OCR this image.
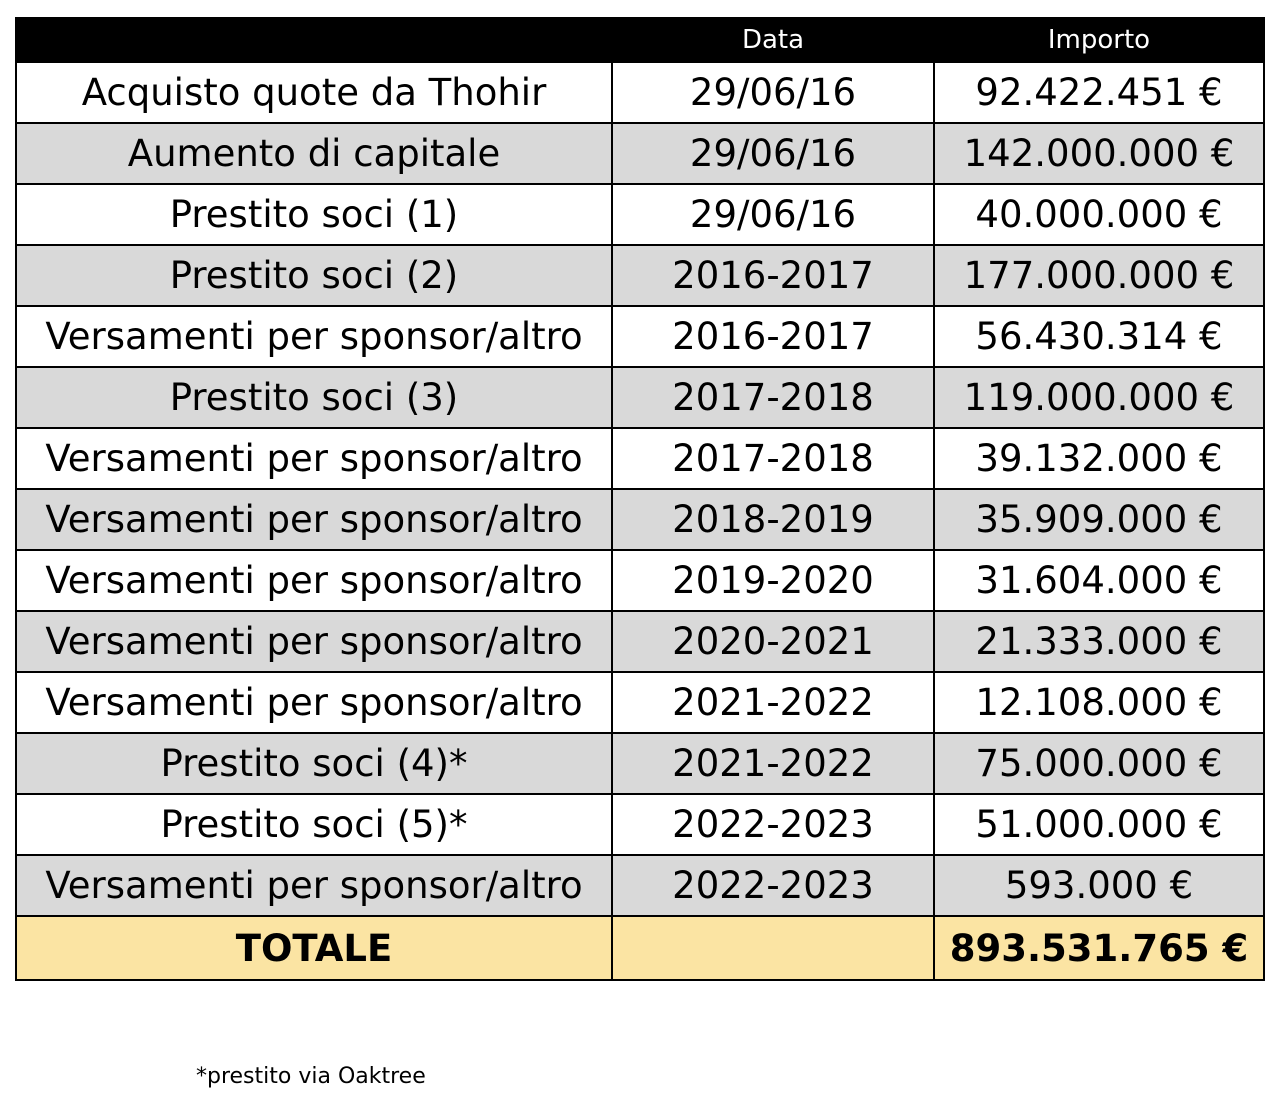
	Data	Importo
Acquisto quote da Thohir	29/06/16	92.422.451 €
Aumento di capitale	29/06/16	142.000.000 €
Prestito soci (1)	29/06/16	40.000.000 €
Prestito soci (2)	2016-2017	177.000.000 €
Versamenti per sponsor/altro	2016-2017	56.430.314 €
Prestito soci (3)	2017-2018	119.000.000 €
Versamenti per sponsor/altro	2017-2018	39.132.000 €
Versamenti per sponsor/altro	2018-2019	35.909.000 €
Versamenti per sponsor/altro	2019-2020	31.604.000 €
Versamenti per sponsor/altro	2020-2021	21.333.000 €
Versamenti per sponsor/altro	2021-2022	12.108.000 €
Prestito soci (4)*	2021-2022	75.000.000 €
Prestito soci (5)*	2022-2023	51.000.000 €
Versamenti per sponsor/altro	2022-2023	593.000 €
TOTALE		893.531.765 €
*prestito via Oaktree
